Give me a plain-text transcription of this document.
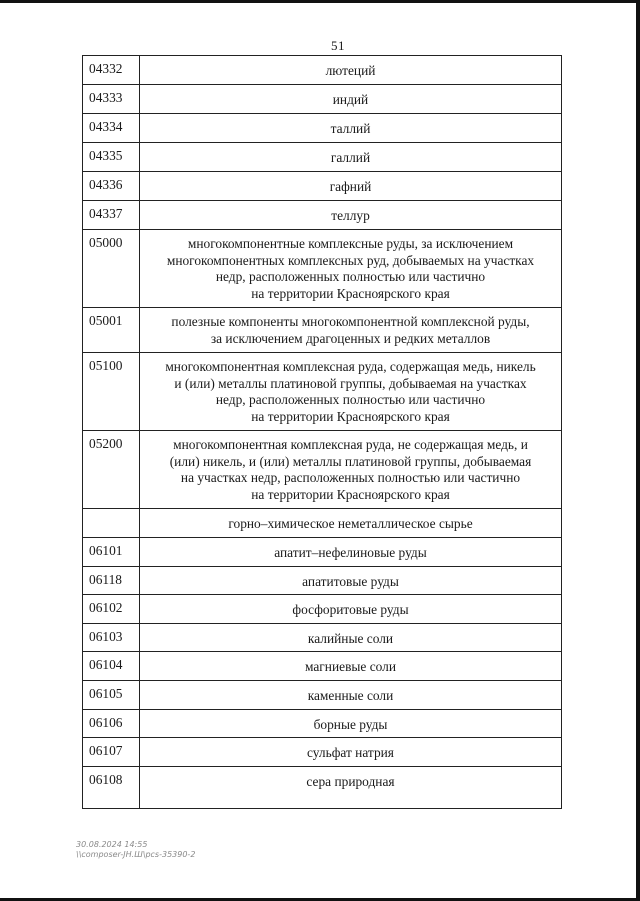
51
04332	лютеций
04333	индий
04334	таллий
04335	галлий
04336	гафний
04337	теллур
05000	многокомпонентные комплексные руды, за исключением
многокомпонентных комплексных руд, добываемых на участках
недр, расположенных полностью или частично
на территории Красноярского края

05001	полезные компоненты многокомпонентной комплексной руды,
за исключением драгоценных и редких металлов

05100	многокомпонентная комплексная руда, содержащая медь, никель
и (или) металлы платиновой группы, добываемая на участках
недр, расположенных полностью или частично
на территории Красноярского края

05200	многокомпонентная комплексная руда, не содержащая медь, и
(или) никель, и (или) металлы платиновой группы, добываемая
на участках недр, расположенных полностью или частично
на территории Красноярского края

	горно–химическое неметаллическое сырье
06101	апатит–нефелиновые руды
06118	апатитовые руды
06102	фосфоритовые руды
06103	калийные соли
06104	магниевые соли
06105	каменные соли
06106	борные руды
06107	сульфат натрия
06108	сера природная
30.08.2024 14:55
\\composer-JН.Ш\pcs-35390-2
